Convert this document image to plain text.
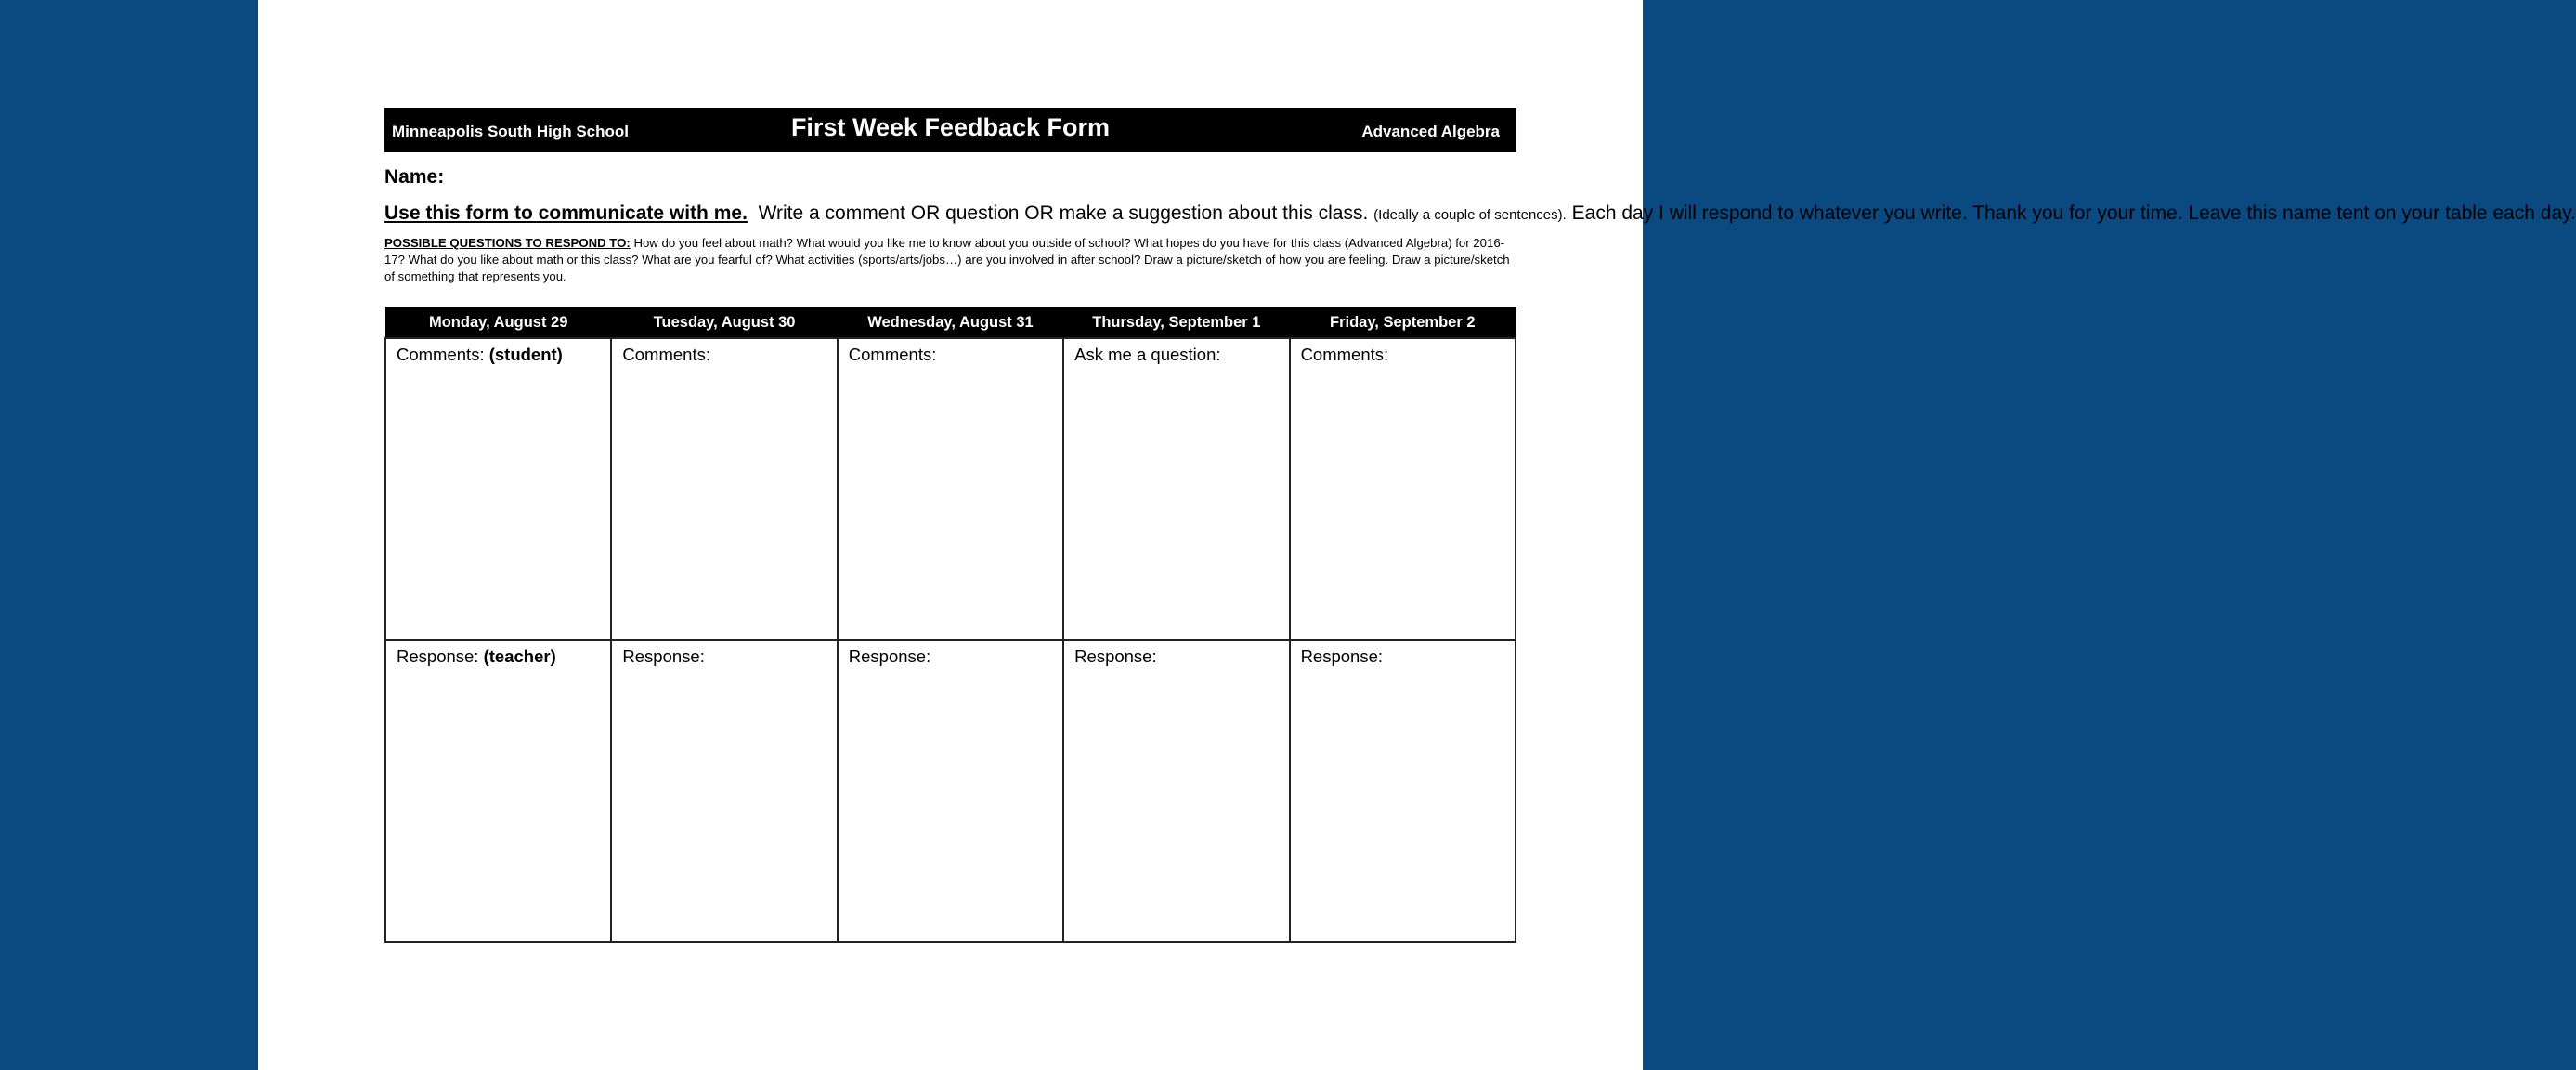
Minneapolis South High School	First Week Feedback Form	Advanced Algebra
Name:
Use this form to communicate with me. Write a comment OR question OR make a suggestion about this class. (Ideally a couple of sentences). Each day I will respond to whatever you write. Thank you for your time. Leave this name tent on your table each day.
POSSIBLE QUESTIONS TO RESPOND TO: How do you feel about math? What would you like me to know about you outside of school? What hopes do you have for this class (Advanced Algebra) for 2016-17? What do you like about math or this class? What are you fearful of? What activities (sports/arts/jobs…) are you involved in after school? Draw a picture/sketch of how you are feeling. Draw a picture/sketch of something that represents you.
Monday, August 29	Tuesday, August 30	Wednesday, August 31	Thursday, September 1	Friday, September 2
Comments: (student)	Comments:	Comments:	Ask me a question:	Comments:
Response: (teacher)	Response:	Response:	Response:	Response:
